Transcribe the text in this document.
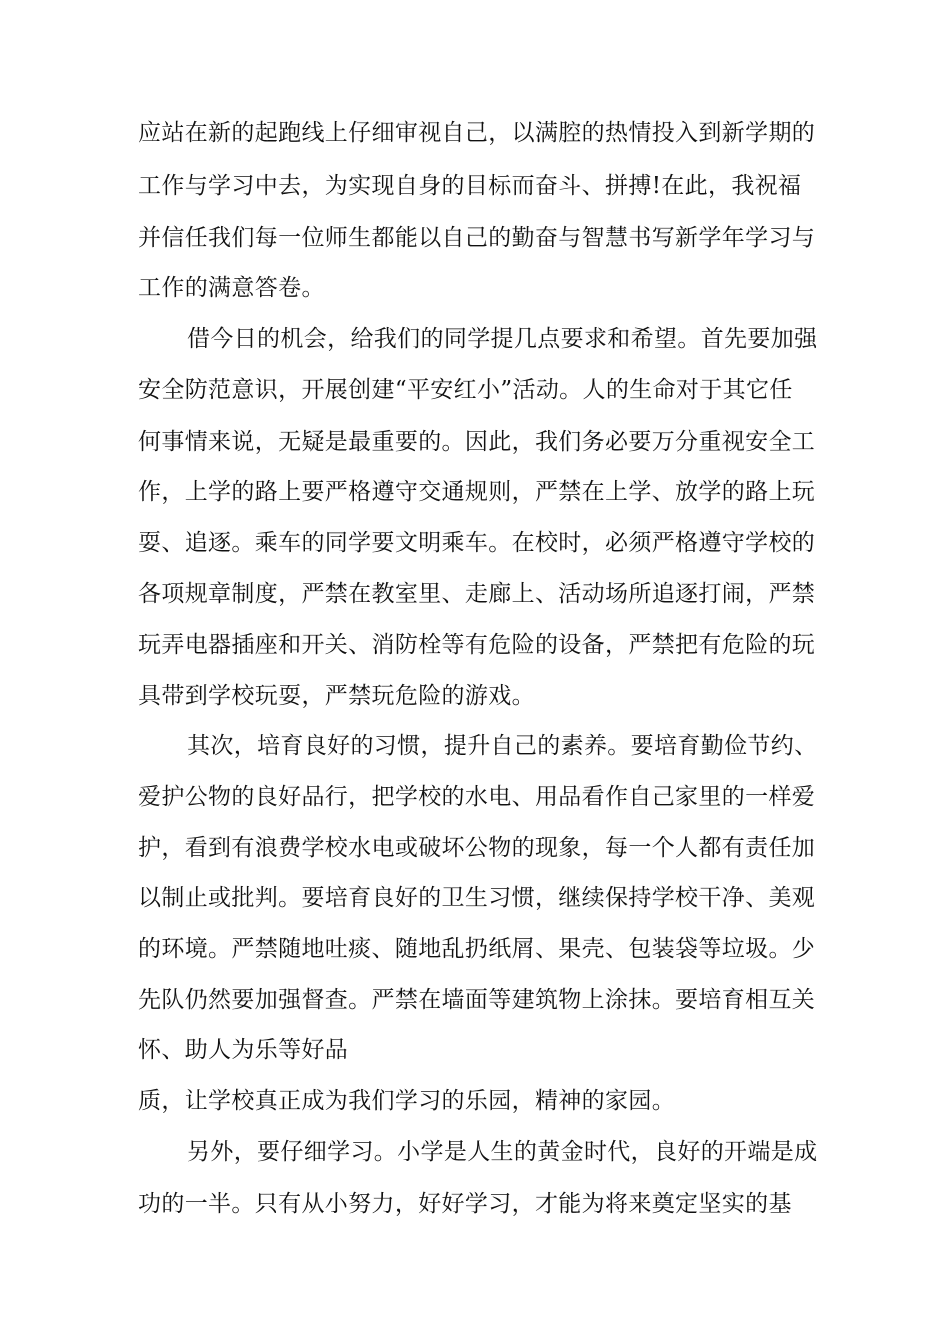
应站在新的起跑线上仔细审视自己，以满腔的热情投入到新学期的
工作与学习中去，为实现自身的目标而奋斗、拼搏!在此，我祝福
并信任我们每一位师生都能以自己的勤奋与智慧书写新学年学习与
工作的满意答卷。
借今日的机会，给我们的同学提几点要求和希望。首先要加强
安全防范意识，开展创建“平安红小”活动。人的生命对于其它任
何事情来说，无疑是最重要的。因此，我们务必要万分重视安全工
作，上学的路上要严格遵守交通规则，严禁在上学、放学的路上玩
耍、追逐。乘车的同学要文明乘车。在校时，必须严格遵守学校的
各项规章制度，严禁在教室里、走廊上、活动场所追逐打闹，严禁
玩弄电器插座和开关、消防栓等有危险的设备，严禁把有危险的玩
具带到学校玩耍，严禁玩危险的游戏。
其次，培育良好的习惯，提升自己的素养。要培育勤俭节约、
爱护公物的良好品行，把学校的水电、用品看作自己家里的一样爱
护，看到有浪费学校水电或破坏公物的现象，每一个人都有责任加
以制止或批判。要培育良好的卫生习惯，继续保持学校干净、美观
的环境。严禁随地吐痰、随地乱扔纸屑、果壳、包装袋等垃圾。少
先队仍然要加强督查。严禁在墙面等建筑物上涂抹。要培育相互关
怀、助人为乐等好品
质，让学校真正成为我们学习的乐园，精神的家园。
另外，要仔细学习。小学是人生的黄金时代，良好的开端是成
功的一半。只有从小努力，好好学习，才能为将来奠定坚实的基
